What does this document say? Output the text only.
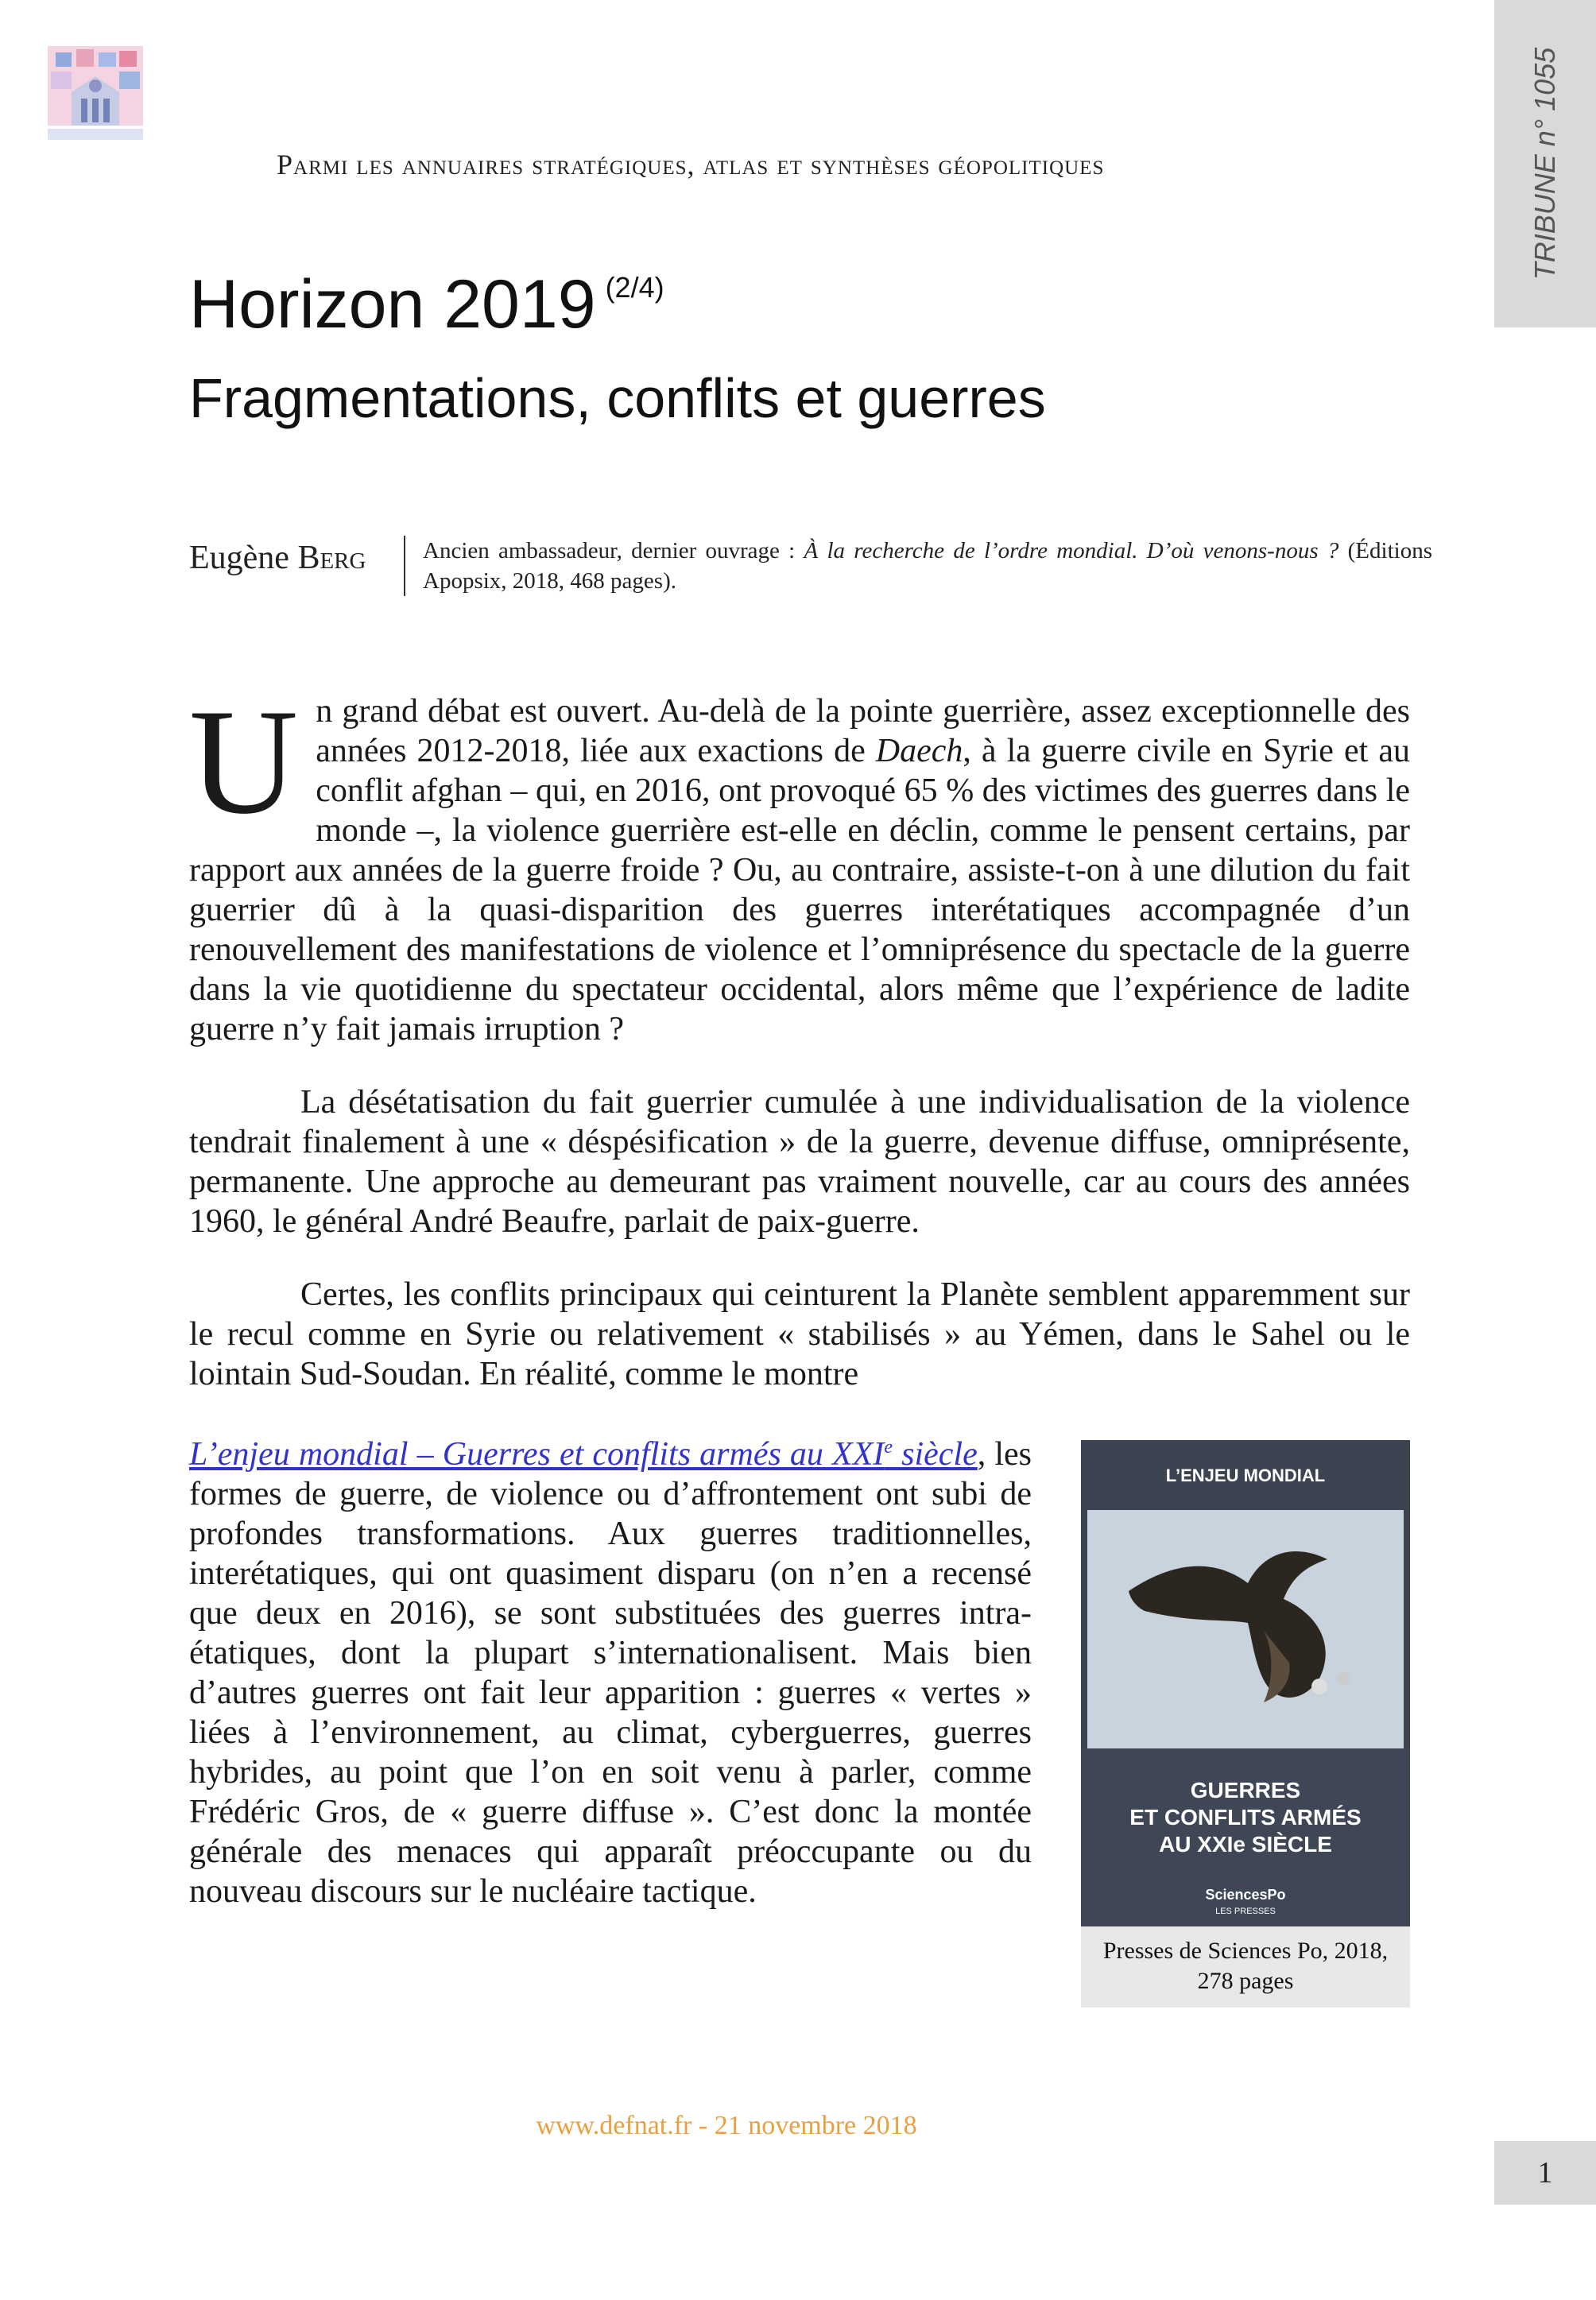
TRIBUNE n° 1055
Parmi les annuaires stratégiques, atlas et synthèses géopolitiques
Horizon 2019 $^{(2/4)}$
Fragmentations, conflits et guerres
Eugène Berg	Ancien ambassadeur, dernier ouvrage : À la recherche de l’ordre mondial. D’où venons-nous ? (Éditions Apopsix, 2018, 468 pages).

Un grand débat est ouvert. Au-delà de la pointe guerrière, assez exceptionnelle des années 2012-2018, liée aux exactions de Daech, à la guerre civile en Syrie et au conflit afghan – qui, en 2016, ont provoqué 65 % des victimes des guerres dans le monde –, la violence guerrière est-elle en déclin, comme le pensent certains, par rapport aux années de la guerre froide ? Ou, au contraire, assiste-t-on à une dilution du fait guerrier dû à la quasi-disparition des guerres interétatiques accompagnée d’un renouvellement des manifestations de violence et l’omniprésence du spectacle de la guerre dans la vie quotidienne du spectateur occidental, alors même que l’expérience de ladite guerre n’y fait jamais irruption ?

La désétatisation du fait guerrier cumulée à une individualisation de la violence tendrait finalement à une « déspésification » de la guerre, devenue diffuse, omniprésente, permanente. Une approche au demeurant pas vraiment nouvelle, car au cours des années 1960, le général André Beaufre, parlait de paix-guerre.

Certes, les conflits principaux qui ceinturent la Planète semblent apparemment sur le recul comme en Syrie ou relativement « stabilisés » au Yémen, dans le Sahel ou le lointain Sud-Soudan. En réalité, comme le montre

L’ENJEU MONDIAL
GUERRES
ET CONFLITS ARMÉS
AU XXIe SIÈCLE
SciencesPo
LES PRESSES
Presses de Sciences Po, 2018, 278 pages
L’enjeu mondial – Guerres et conflits armés au XXIe siècle, les formes de guerre, de violence ou d’affrontement ont subi de profondes transformations. Aux guerres traditionnelles, interétatiques, qui ont quasiment disparu (on n’en a recensé que deux en 2016), se sont substituées des guerres intra-étatiques, dont la plupart s’internationalisent. Mais bien d’autres guerres ont fait leur apparition : guerres « vertes » liées à l’environnement, au climat, cyberguerres, guerres hybrides, au point que l’on en soit venu à parler, comme Frédéric Gros, de « guerre diffuse ». C’est donc la montée générale des menaces qui apparaît préoccupante ou du nouveau discours sur le nucléaire tactique.

www.defnat.fr - 21 novembre 2018
1
